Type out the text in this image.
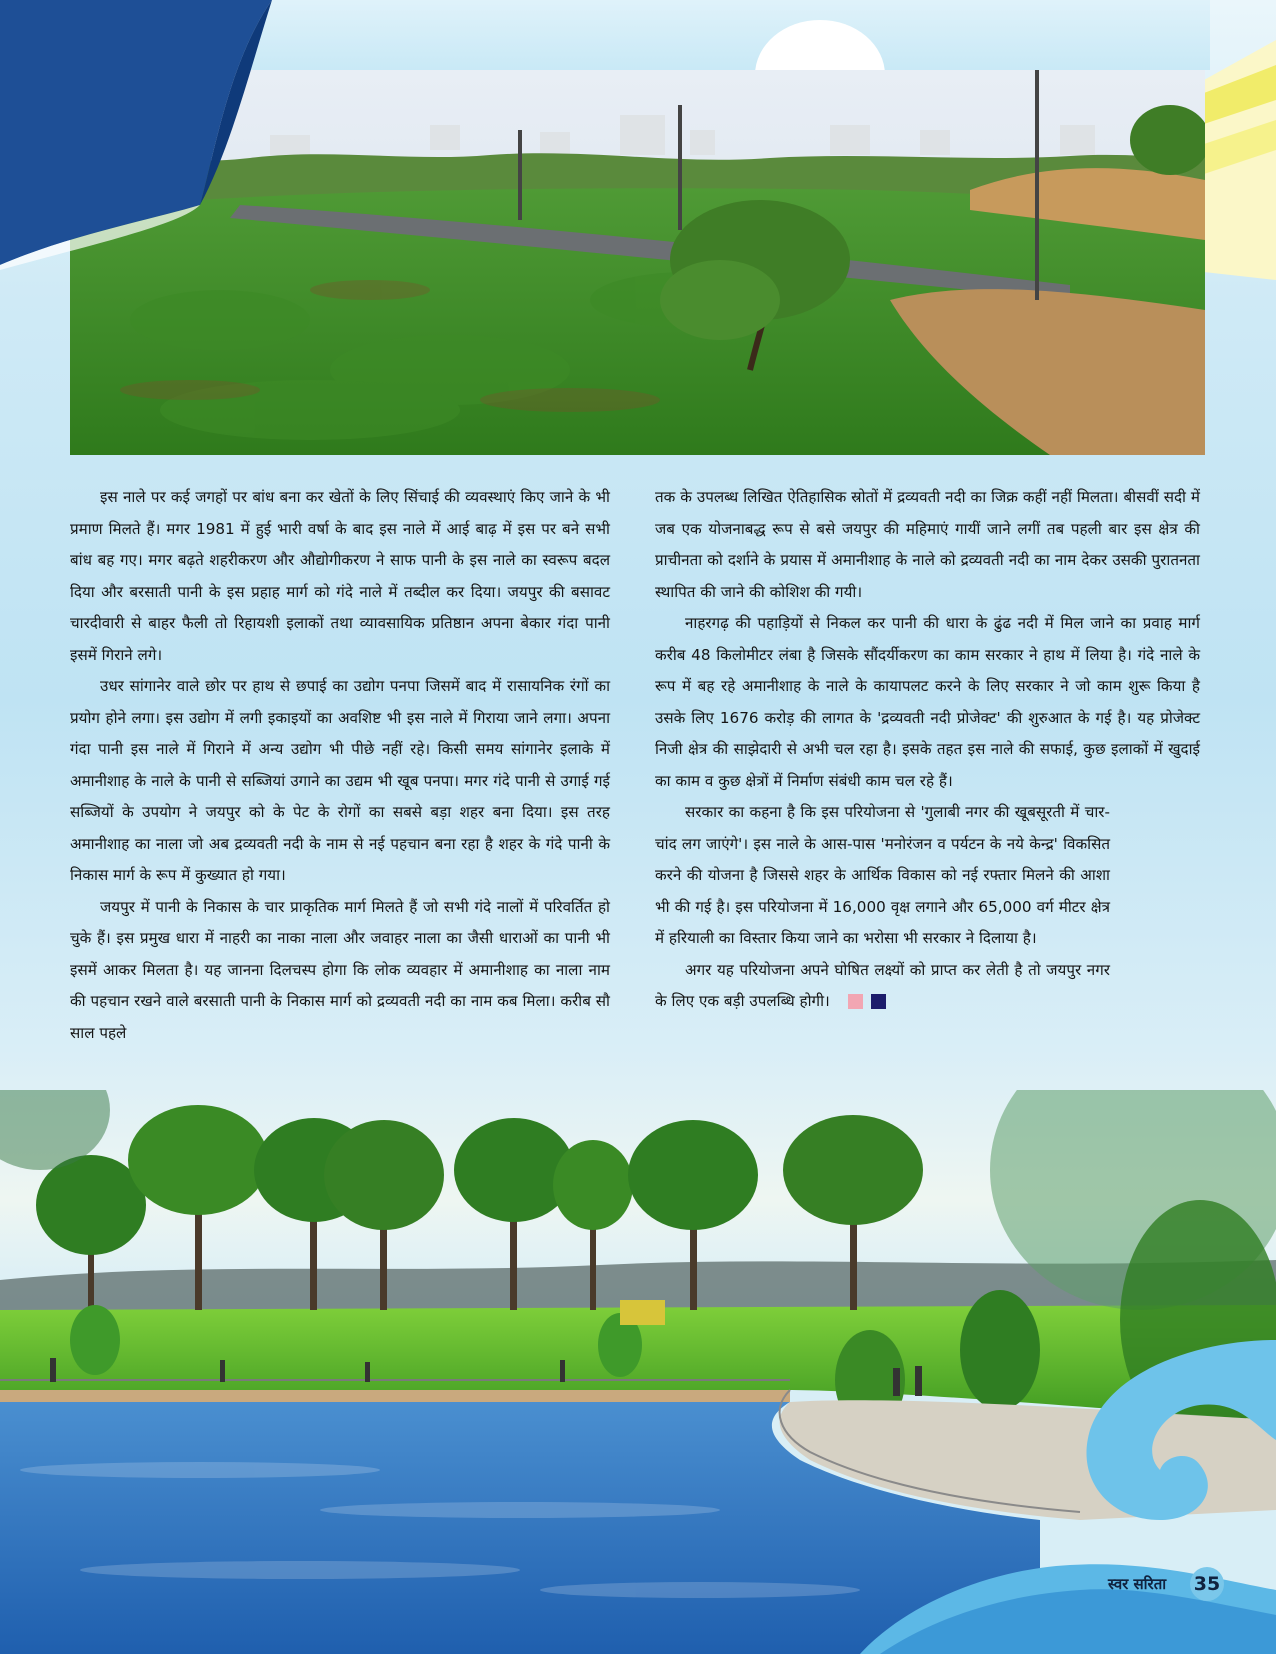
इस नाले पर कई जगहों पर बांध बना कर खेतों के लिए सिंचाई की व्यवस्थाएं किए जाने के भी प्रमाण मिलते हैं। मगर 1981 में हुई भारी वर्षा के बाद इस नाले में आई बाढ़ में इस पर बने सभी बांध बह गए। मगर बढ़ते शहरीकरण और औद्योगीकरण ने साफ पानी के इस नाले का स्वरूप बदल दिया और बरसाती पानी के इस प्रहाह मार्ग को गंदे नाले में तब्दील कर दिया। जयपुर की बसावट चारदीवारी से बाहर फैली तो रिहायशी इलाकों तथा व्यावसायिक प्रतिष्ठान अपना बेकार गंदा पानी इसमें गिराने लगे।

उधर सांगानेर वाले छोर पर हाथ से छपाई का उद्योग पनपा जिसमें बाद में रासायनिक रंगों का प्रयोग होने लगा। इस उद्योग में लगी इकाइयों का अवशिष्ट भी इस नाले में गिराया जाने लगा। अपना गंदा पानी इस नाले में गिराने में अन्य उद्योग भी पीछे नहीं रहे। किसी समय सांगानेर इलाके में अमानीशाह के नाले के पानी से सब्जियां उगाने का उद्यम भी खूब पनपा। मगर गंदे पानी से उगाई गई सब्जियों के उपयोग ने जयपुर को के पेट के रोगों का सबसे बड़ा शहर बना दिया। इस तरह अमानीशाह का नाला जो अब द्रव्यवती नदी के नाम से नई पहचान बना रहा है शहर के गंदे पानी के निकास मार्ग के रूप में कुख्यात हो गया।

जयपुर में पानी के निकास के चार प्राकृतिक मार्ग मिलते हैं जो सभी गंदे नालों में परिवर्तित हो चुके हैं। इस प्रमुख धारा में नाहरी का नाका नाला और जवाहर नाला का जैसी धाराओं का पानी भी इसमें आकर मिलता है। यह जानना दिलचस्प होगा कि लोक व्यवहार में अमानीशाह का नाला नाम की पहचान रखने वाले बरसाती पानी के निकास मार्ग को द्रव्यवती नदी का नाम कब मिला। करीब सौ साल पहले

तक के उपलब्ध लिखित ऐतिहासिक स्रोतों में द्रव्यवती नदी का जिक्र कहीं नहीं मिलता। बीसवीं सदी में जब एक योजनाबद्ध रूप से बसे जयपुर की महिमाएं गायीं जाने लगीं तब पहली बार इस क्षेत्र की प्राचीनता को दर्शाने के प्रयास में अमानीशाह के नाले को द्रव्यवती नदी का नाम देकर उसकी पुरातनता स्थापित की जाने की कोशिश की गयी।

नाहरगढ़ की पहाड़ियों से निकल कर पानी की धारा के ढुंढ नदी में मिल जाने का प्रवाह मार्ग करीब 48 किलोमीटर लंबा है जिसके सौंदर्यीकरण का काम सरकार ने हाथ में लिया है। गंदे नाले के रूप में बह रहे अमानीशाह के नाले के कायापलट करने के लिए सरकार ने जो काम शुरू किया है उसके लिए 1676 करोड़ की लागत के 'द्रव्यवती नदी प्रोजेक्ट' की शुरुआत के गई है। यह प्रोजेक्ट निजी क्षेत्र की साझेदारी से अभी चल रहा है। इसके तहत इस नाले की सफाई, कुछ इलाकों में खुदाई का काम व कुछ क्षेत्रों में निर्माण संबंधी काम चल रहे हैं।

सरकार का कहना है कि इस परियोजना से 'गुलाबी नगर की खूबसूरती में चार-चांद लग जाएंगे'। इस नाले के आस-पास 'मनोरंजन व पर्यटन के नये केन्द्र' विकसित करने की योजना है जिससे शहर के आर्थिक विकास को नई रफ्तार मिलने की आशा भी की गई है। इस परियोजना में 16,000 वृक्ष लगाने और 65,000 वर्ग मीटर क्षेत्र में हरियाली का विस्तार किया जाने का भरोसा भी सरकार ने दिलाया है।

अगर यह परियोजना अपने घोषित लक्ष्यों को प्राप्त कर लेती है तो जयपुर नगर के लिए एक बड़ी उपलब्धि होगी।

स्वर सरिता 35
